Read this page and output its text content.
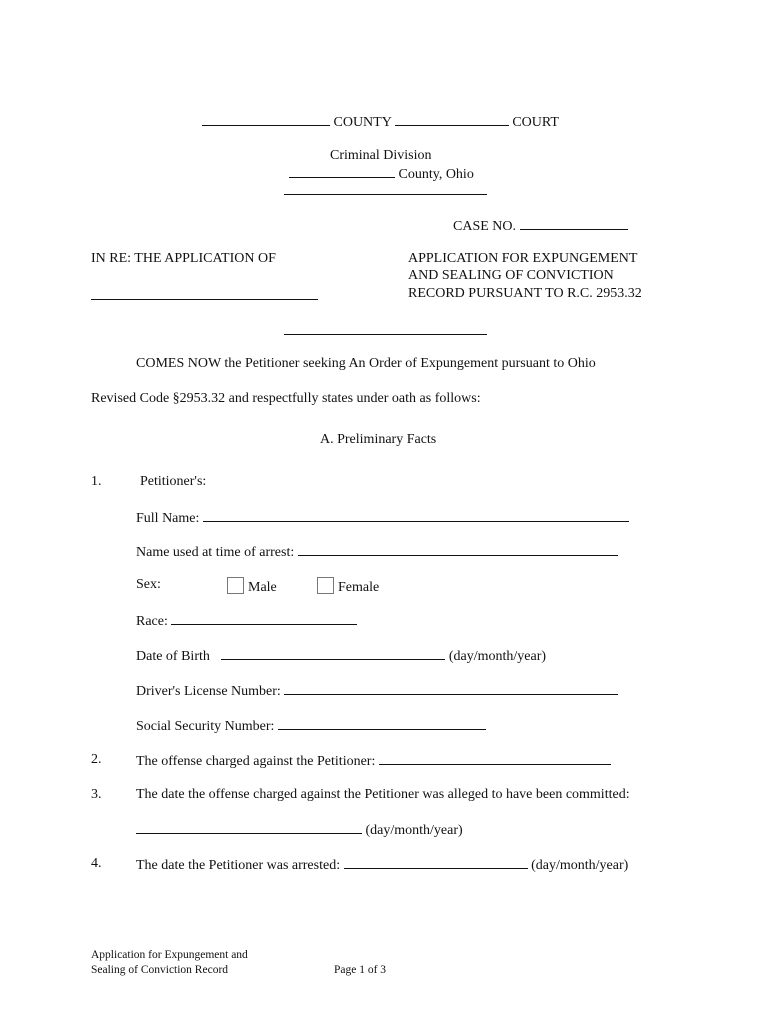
COUNTY	COURT
Criminal Division
County, Ohio
CASE NO.
IN RE: THE APPLICATION OF	APPLICATION FOR EXPUNGEMENT
AND SEALING OF CONVICTION
RECORD PURSUANT TO R.C. 2953.32
COMES NOW the Petitioner seeking An Order of Expungement pursuant to Ohio
Revised Code §2953.32 and respectfully states under oath as follows:
A. Preliminary Facts
1.	Petitioner's:
Full Name:
Name used at time of arrest:
Sex:	Male	Female
Race:
Date of Birth	(day/month/year)
Driver's License Number:
Social Security Number:
2. The offense charged against the Petitioner:
3. The date the offense charged against the Petitioner was alleged to have been committed:
(day/month/year)
4. The date the Petitioner was arrested:	(day/month/year)
Application for Expungement and
Sealing of Conviction Record	Page 1 of 3
